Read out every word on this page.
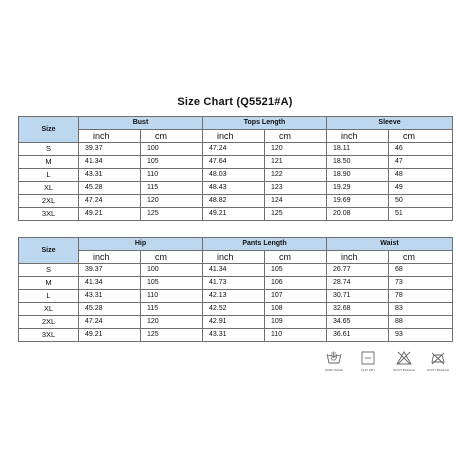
Size Chart (Q5521#A)
Size	Bust		Tops Length		Sleeve	
	inch	cm	inch	cm	inch	cm
S	39.37	100	47.24	120	18.11	46
M	41.34	105	47.64	121	18.50	47
L	43.31	110	48.03	122	18.90	48
XL	45.28	115	48.43	123	19.29	49
2XL	47.24	120	48.82	124	19.69	50
3XL	49.21	125	49.21	125	20.08	51
Size	Hip		Pants Length		Waist	
	inch	cm	inch	cm	inch	cm
S	39.37	100	41.34	105	26.77	68
M	41.34	105	41.73	106	28.74	73
L	43.31	110	42.13	107	30.71	78
XL	45.28	115	42.52	108	32.68	83
2XL	47.24	120	42.91	109	34.65	88
3XL	49.21	125	43.31	110	36.61	93
HAND WASH	FLAT DRY	DON'T BLEACH	DON'T BLEACH
